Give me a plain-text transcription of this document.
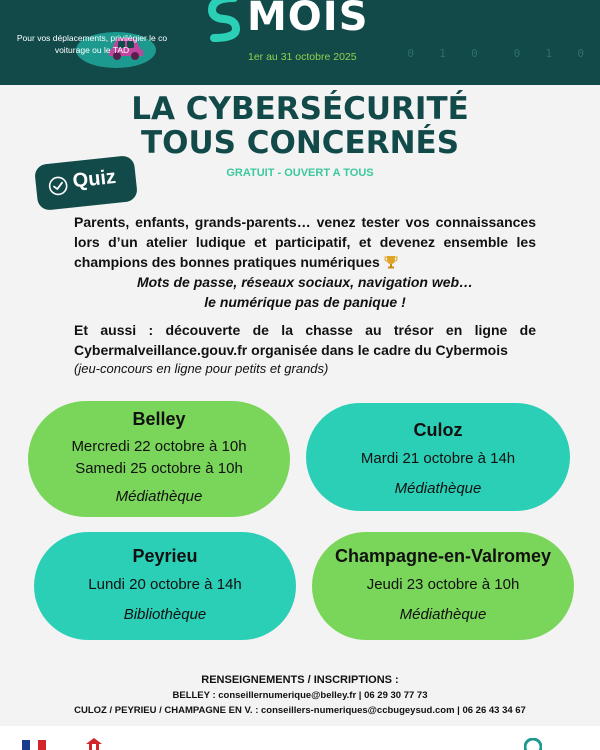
Pour vos déplacements, privilégier le co voiturage ou le TAD
MOIS
1er au 31 octobre 2025

	0  1  0   0  1  0

LA CYBERSÉCURITÉ
TOUS CONCERNÉS
Quiz	GRATUIT - OUVERT A TOUS
Parents, enfants, grands-parents… venez tester vos connaissances lors d’un atelier ludique et participatif, et devenez ensemble les champions des bonnes pratiques numériques
Mots de passe, réseaux sociaux, navigation web…
le numérique pas de panique !
Et aussi : découverte de la chasse au trésor en ligne de Cybermalveillance.gouv.fr organisée dans le cadre du Cybermois
(jeu-concours en ligne pour petits et grands)
Belley
Mercredi 22 octobre à 10h
Samedi 25 octobre à 10h
Médiathèque
Culoz
Mardi 21 octobre à 14h
Médiathèque
Peyrieu
Lundi 20 octobre à 14h
Bibliothèque
Champagne-en-Valromey
Jeudi 23 octobre à 10h
Médiathèque
RENSEIGNEMENTS / INSCRIPTIONS :
BELLEY : conseillernumerique@belley.fr | 06 29 30 77 73
CULOZ / PEYRIEU / CHAMPAGNE EN V. : conseillers-numeriques@ccbugeysud.com | 06 26 43 34 67
